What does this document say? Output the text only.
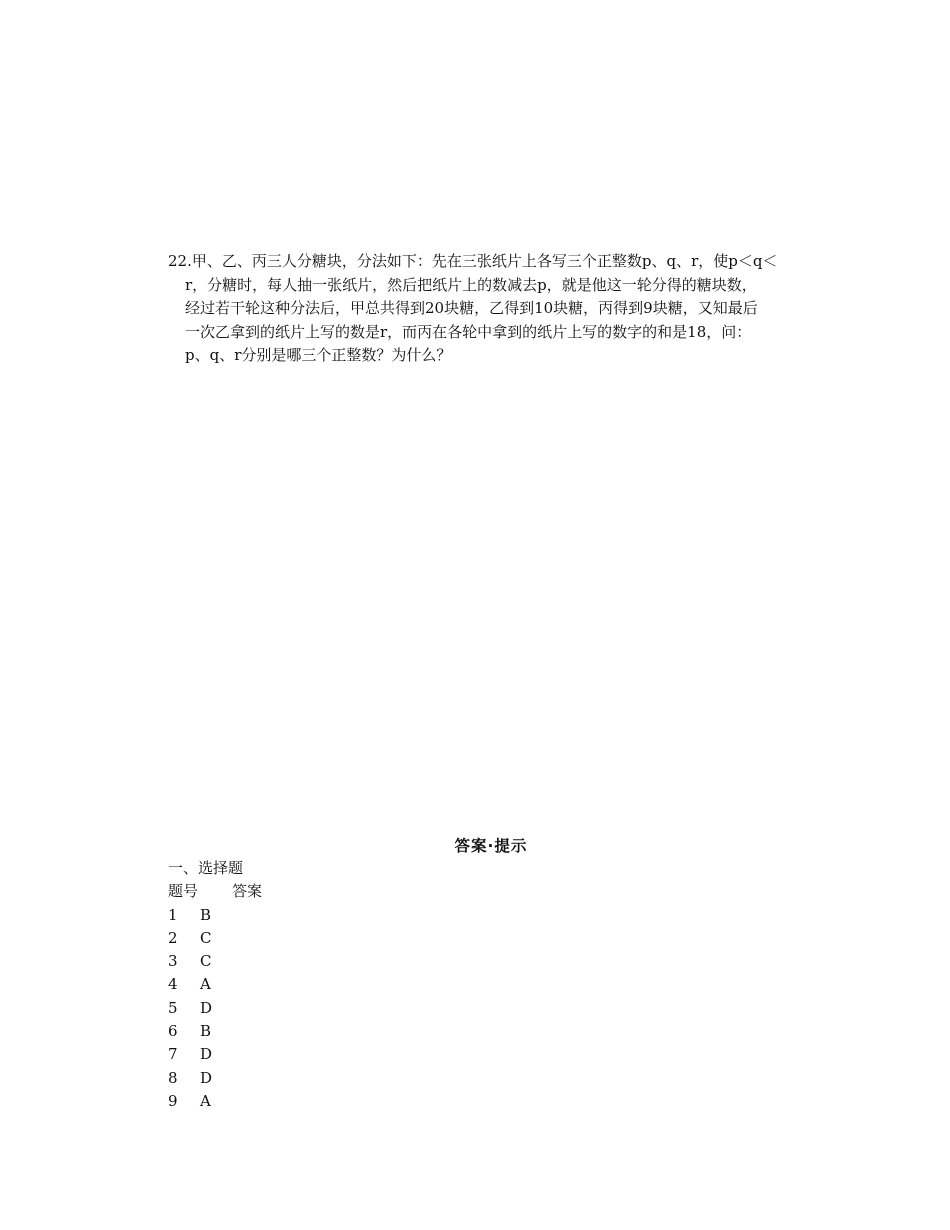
22.甲、乙、丙三人分糖块，分法如下：先在三张纸片上各写三个正整数p、q、r，使p＜q＜
r，分糖时，每人抽一张纸片，然后把纸片上的数减去p，就是他这一轮分得的糖块数，
经过若干轮这种分法后，甲总共得到20块糖，乙得到10块糖，丙得到9块糖，又知最后
一次乙拿到的纸片上写的数是r，而丙在各轮中拿到的纸片上写的数字的和是18，问：
p、q、r分别是哪三个正整数？为什么？
答案·提示
一、选择题
题号 答案
1 B
2 C
3 C
4 A
5 D
6 B
7 D
8 D
9 A
